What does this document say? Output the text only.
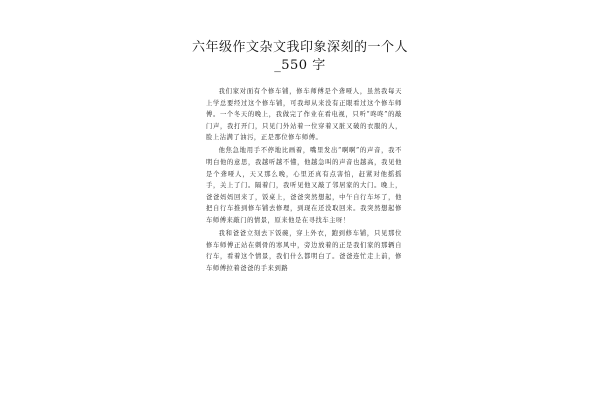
六年级作文杂文我印象深刻的一个人
_550 字

我们家对面有个修车铺，修车师傅是个聋哑人，虽然我每天上学总要经过这个修车铺，可我却从来没有正眼看过这个修车师傅。一个冬天的晚上，我做完了作业在看电视，只听“咚咚”的敲门声，我打开门，只见门外站着一位穿着又脏又破的衣服的人，脸上沾满了油污，正是那位修车师傅。

他焦急地用手不停地比画着，嘴里发出“啊啊”的声音，我不明白他的意思，我越听越不懂，他越急叫的声音也越高，我见他是个聋哑人，天又那么晚，心里还真有点害怕，赶紧对他摇摇手，关上了门。隔着门，我听见他又敲了邻居家的大门。晚上，爸爸妈妈回来了，饭桌上，爸爸突然想起，中午自行车坏了，他把自行车推到修车铺去修理，到现在还没取回来。我突然想起修车师傅来敲门的情景，原来他是在寻找车主呀！

我和爸爸立刻去下饭碗，穿上外衣，跑到修车铺，只见那位修车师傅正站在刺骨的寒风中，旁边放着的正是我们家的那辆自行车，看着这个情景，我们什么都明白了。爸爸连忙走上前，修车师傅拉着爸爸的手来到路
